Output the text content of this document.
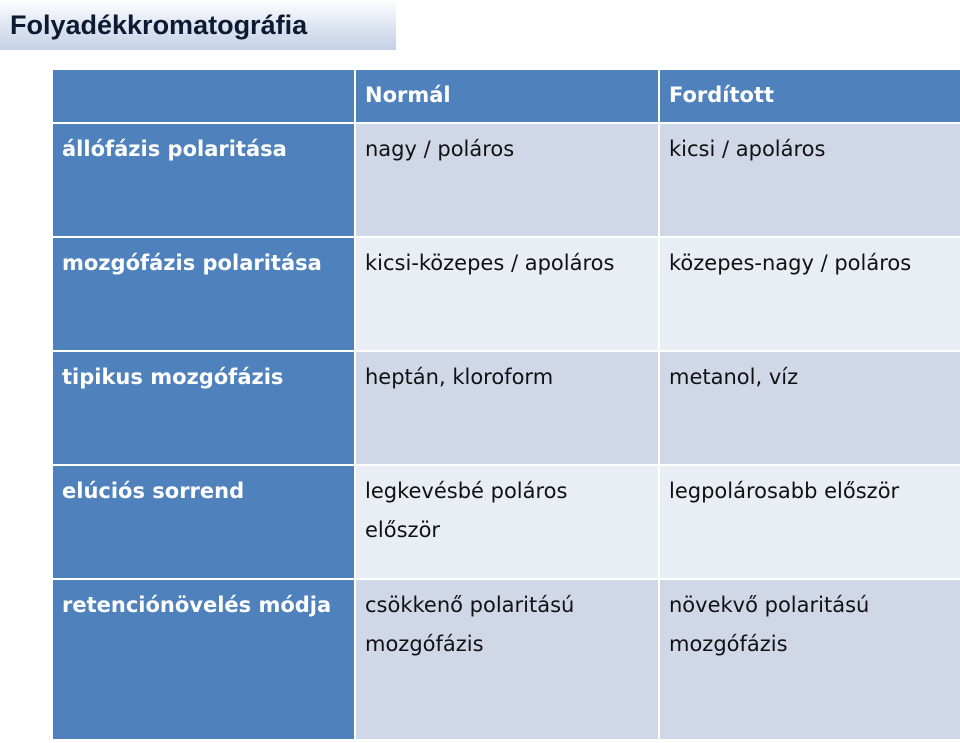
Folyadékkromatográfia
	Normál	Fordított
állófázis polaritása	nagy / poláros	kicsi / apoláros
mozgófázis polaritása	kicsi-közepes / apoláros	közepes-nagy / poláros
tipikus mozgófázis	heptán, kloroform	metanol, víz
elúciós sorrend	legkevésbé poláros először	legpolárosabb először
retenciónövelés módja	csökkenő polaritású mozgófázis	növekvő polaritású mozgófázis
